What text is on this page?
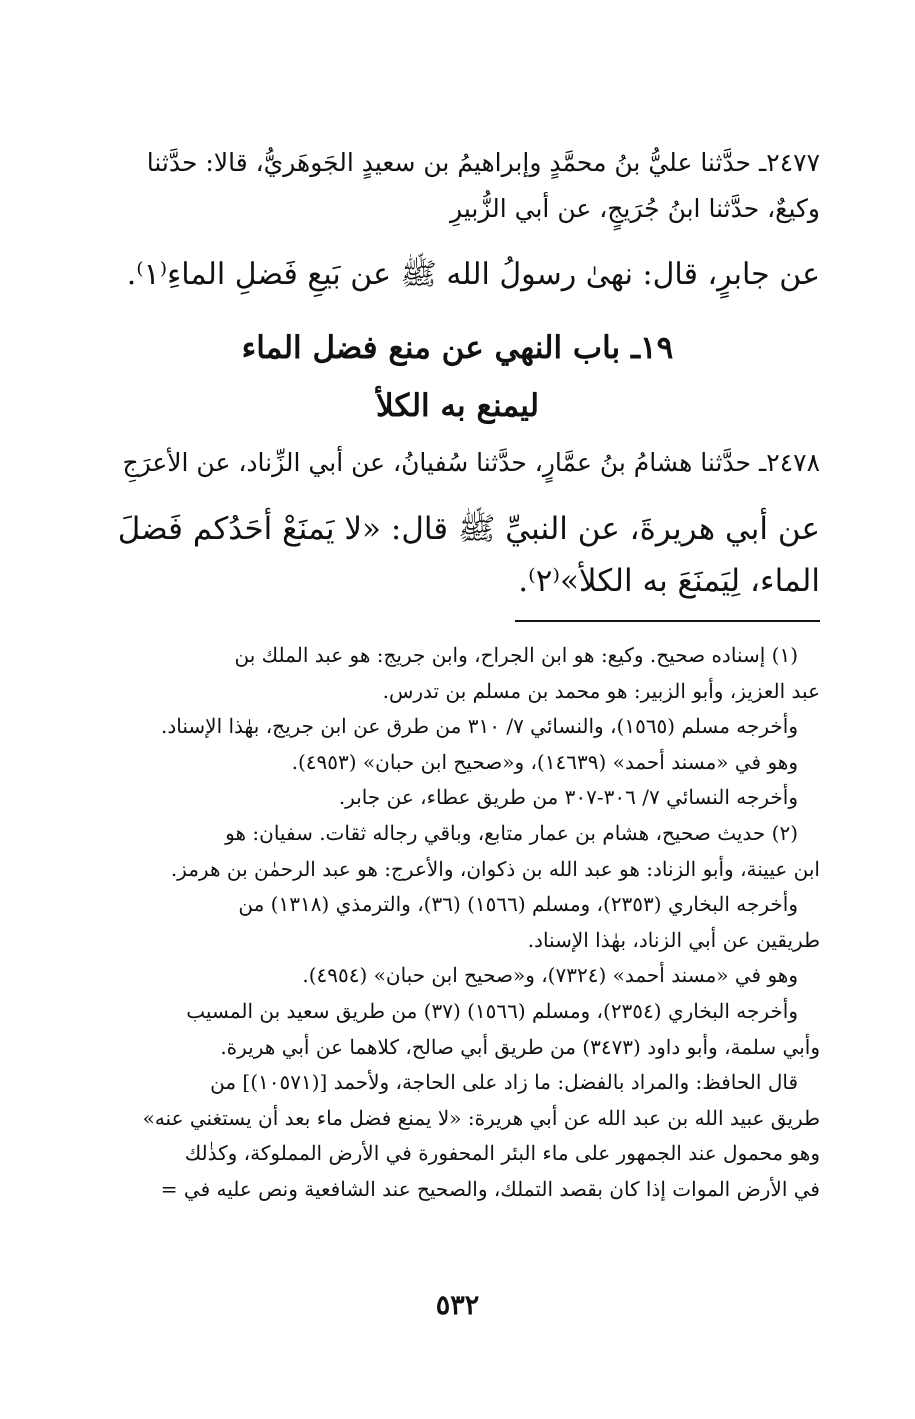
٢٤٧٧ـ حدَّثنا عليُّ بنُ محمَّدٍ وإبراهيمُ بن سعيدٍ الجَوهَريُّ، قالا: حدَّثنا
وكيعٌ، حدَّثنا ابنُ جُرَيجٍ، عن أبي الزُّبيرِ
عن جابرٍ، قال: نهىٰ رسولُ الله ﷺ عن بَيعِ فَضلِ الماءِ⁽١⁾.
١٩ـ باب النهي عن منع فضل الماء
ليمنع به الكلأ
٢٤٧٨ـ حدَّثنا هشامُ بنُ عمَّارٍ، حدَّثنا سُفيانُ، عن أبي الزِّناد، عن الأعرَجِ
عن أبي هريرةَ، عن النبيِّ ﷺ قال: «لا يَمنَعْ أحَدُكم فَضلَ
الماء، لِيَمنَعَ به الكلأ»⁽٢⁾.
(١) إسناده صحيح. وكيع: هو ابن الجراح، وابن جريج: هو عبد الملك بن
عبد العزيز، وأبو الزبير: هو محمد بن مسلم بن تدرس.
وأخرجه مسلم (١٥٦٥)، والنسائي ٧/ ٣١٠ من طرق عن ابن جريج، بهٰذا الإسناد.
وهو في «مسند أحمد» (١٤٦٣٩)، و«صحيح ابن حبان» (٤٩٥٣).
وأخرجه النسائي ٧/ ٣٠٦-٣٠٧ من طريق عطاء، عن جابر.
(٢) حديث صحيح، هشام بن عمار متابع، وباقي رجاله ثقات. سفيان: هو
ابن عيينة، وأبو الزناد: هو عبد الله بن ذكوان، والأعرج: هو عبد الرحمٰن بن هرمز.
وأخرجه البخاري (٢٣٥٣)، ومسلم (١٥٦٦) (٣٦)، والترمذي (١٣١٨) من
طريقين عن أبي الزناد، بهٰذا الإسناد.
وهو في «مسند أحمد» (٧٣٢٤)، و«صحيح ابن حبان» (٤٩٥٤).
وأخرجه البخاري (٢٣٥٤)، ومسلم (١٥٦٦) (٣٧) من طريق سعيد بن المسيب
وأبي سلمة، وأبو داود (٣٤٧٣) من طريق أبي صالح، كلاهما عن أبي هريرة.
قال الحافظ: والمراد بالفضل: ما زاد على الحاجة، ولأحمد [(١٠٥٧١)] من
طريق عبيد الله بن عبد الله عن أبي هريرة: «لا يمنع فضل ماء بعد أن يستغني عنه»
وهو محمول عند الجمهور على ماء البئر المحفورة في الأرض المملوكة، وكذٰلك
في الأرض الموات إذا كان بقصد التملك، والصحيح عند الشافعية ونص عليه في =
٥٣٢
